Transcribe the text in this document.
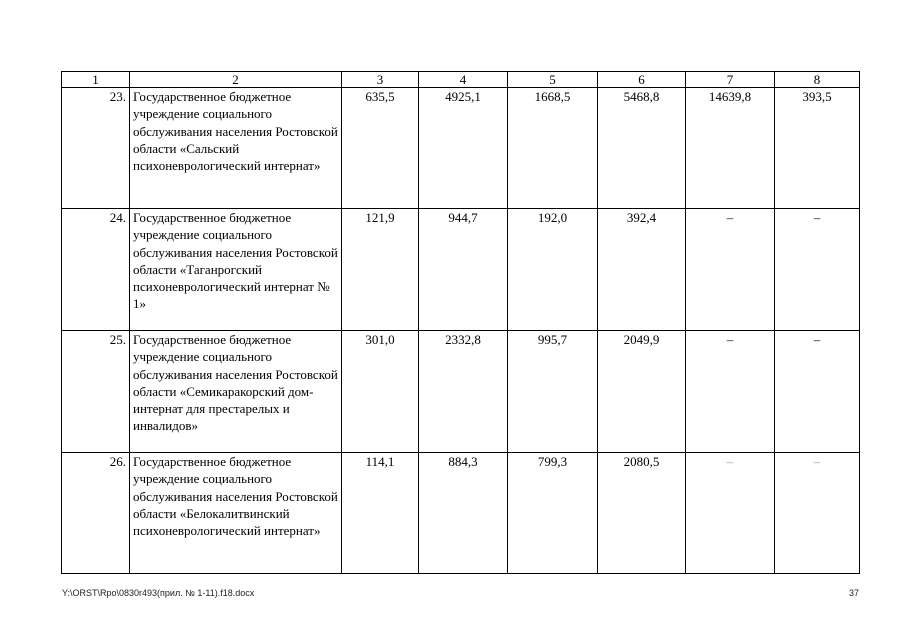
1	2	3	4	5	6	7	8
23.	Государственное бюджетное учреждение социального обслуживания населения Ростовской области «Сальский психоневрологический интернат»	635,5	4925,1	1668,5	5468,8	14639,8	393,5
24.	Государственное бюджетное учреждение социального обслуживания населения Ростовской области «Таганрогский психоневрологический интернат № 1»	121,9	944,7	192,0	392,4	–	–
25.	Государственное бюджетное учреждение социального обслуживания населения Ростовской области «Семикаракорский дом-интернат для престарелых и инвалидов»	301,0	2332,8	995,7	2049,9	–	–
26.	Государственное бюджетное учреждение социального обслуживания населения Ростовской области «Белокалитвинский психоневрологический интернат»	114,1	884,3	799,3	2080,5	–	–
Y:\ORST\Rpo\0830r493(прил. № 1-11).f18.docx	37
